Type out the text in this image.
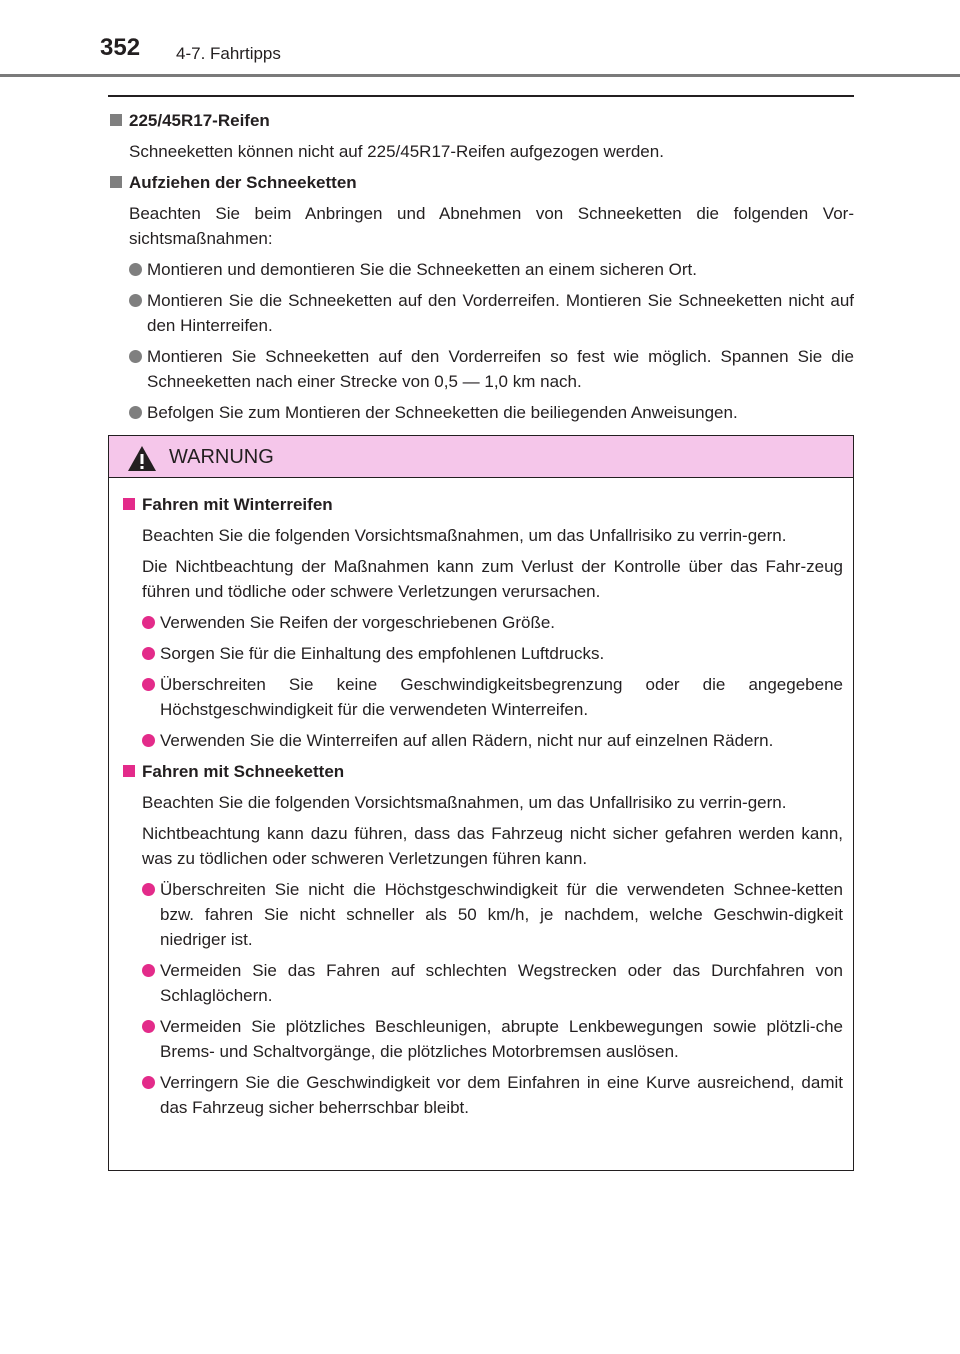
352 4-7. Fahrtipps
225/45R17-Reifen
Schneeketten können nicht auf 225/45R17-Reifen aufgezogen werden.
Aufziehen der Schneeketten
Beachten Sie beim Anbringen und Abnehmen von Schneeketten die folgenden Vor-sichtsmaßnahmen:
Montieren und demontieren Sie die Schneeketten an einem sicheren Ort.
Montieren Sie die Schneeketten auf den Vorderreifen. Montieren Sie Schneeketten nicht auf den Hinterreifen.
Montieren Sie Schneeketten auf den Vorderreifen so fest wie möglich. Spannen Sie die Schneeketten nach einer Strecke von 0,5 — 1,0 km nach.
Befolgen Sie zum Montieren der Schneeketten die beiliegenden Anweisungen.
WARNUNG
Fahren mit Winterreifen
Beachten Sie die folgenden Vorsichtsmaßnahmen, um das Unfallrisiko zu verrin-gern.
Die Nichtbeachtung der Maßnahmen kann zum Verlust der Kontrolle über das Fahr-zeug führen und tödliche oder schwere Verletzungen verursachen.
Verwenden Sie Reifen der vorgeschriebenen Größe.
Sorgen Sie für die Einhaltung des empfohlenen Luftdrucks.
Überschreiten Sie keine Geschwindigkeitsbegrenzung oder die angegebene Höchstgeschwindigkeit für die verwendeten Winterreifen.
Verwenden Sie die Winterreifen auf allen Rädern, nicht nur auf einzelnen Rädern.
Fahren mit Schneeketten
Beachten Sie die folgenden Vorsichtsmaßnahmen, um das Unfallrisiko zu verrin-gern.
Nichtbeachtung kann dazu führen, dass das Fahrzeug nicht sicher gefahren werden kann, was zu tödlichen oder schweren Verletzungen führen kann.
Überschreiten Sie nicht die Höchstgeschwindigkeit für die verwendeten Schnee-ketten bzw. fahren Sie nicht schneller als 50 km/h, je nachdem, welche Geschwin-digkeit niedriger ist.
Vermeiden Sie das Fahren auf schlechten Wegstrecken oder das Durchfahren von Schlaglöchern.
Vermeiden Sie plötzliches Beschleunigen, abrupte Lenkbewegungen sowie plötzli-che Brems- und Schaltvorgänge, die plötzliches Motorbremsen auslösen.
Verringern Sie die Geschwindigkeit vor dem Einfahren in eine Kurve ausreichend, damit das Fahrzeug sicher beherrschbar bleibt.
